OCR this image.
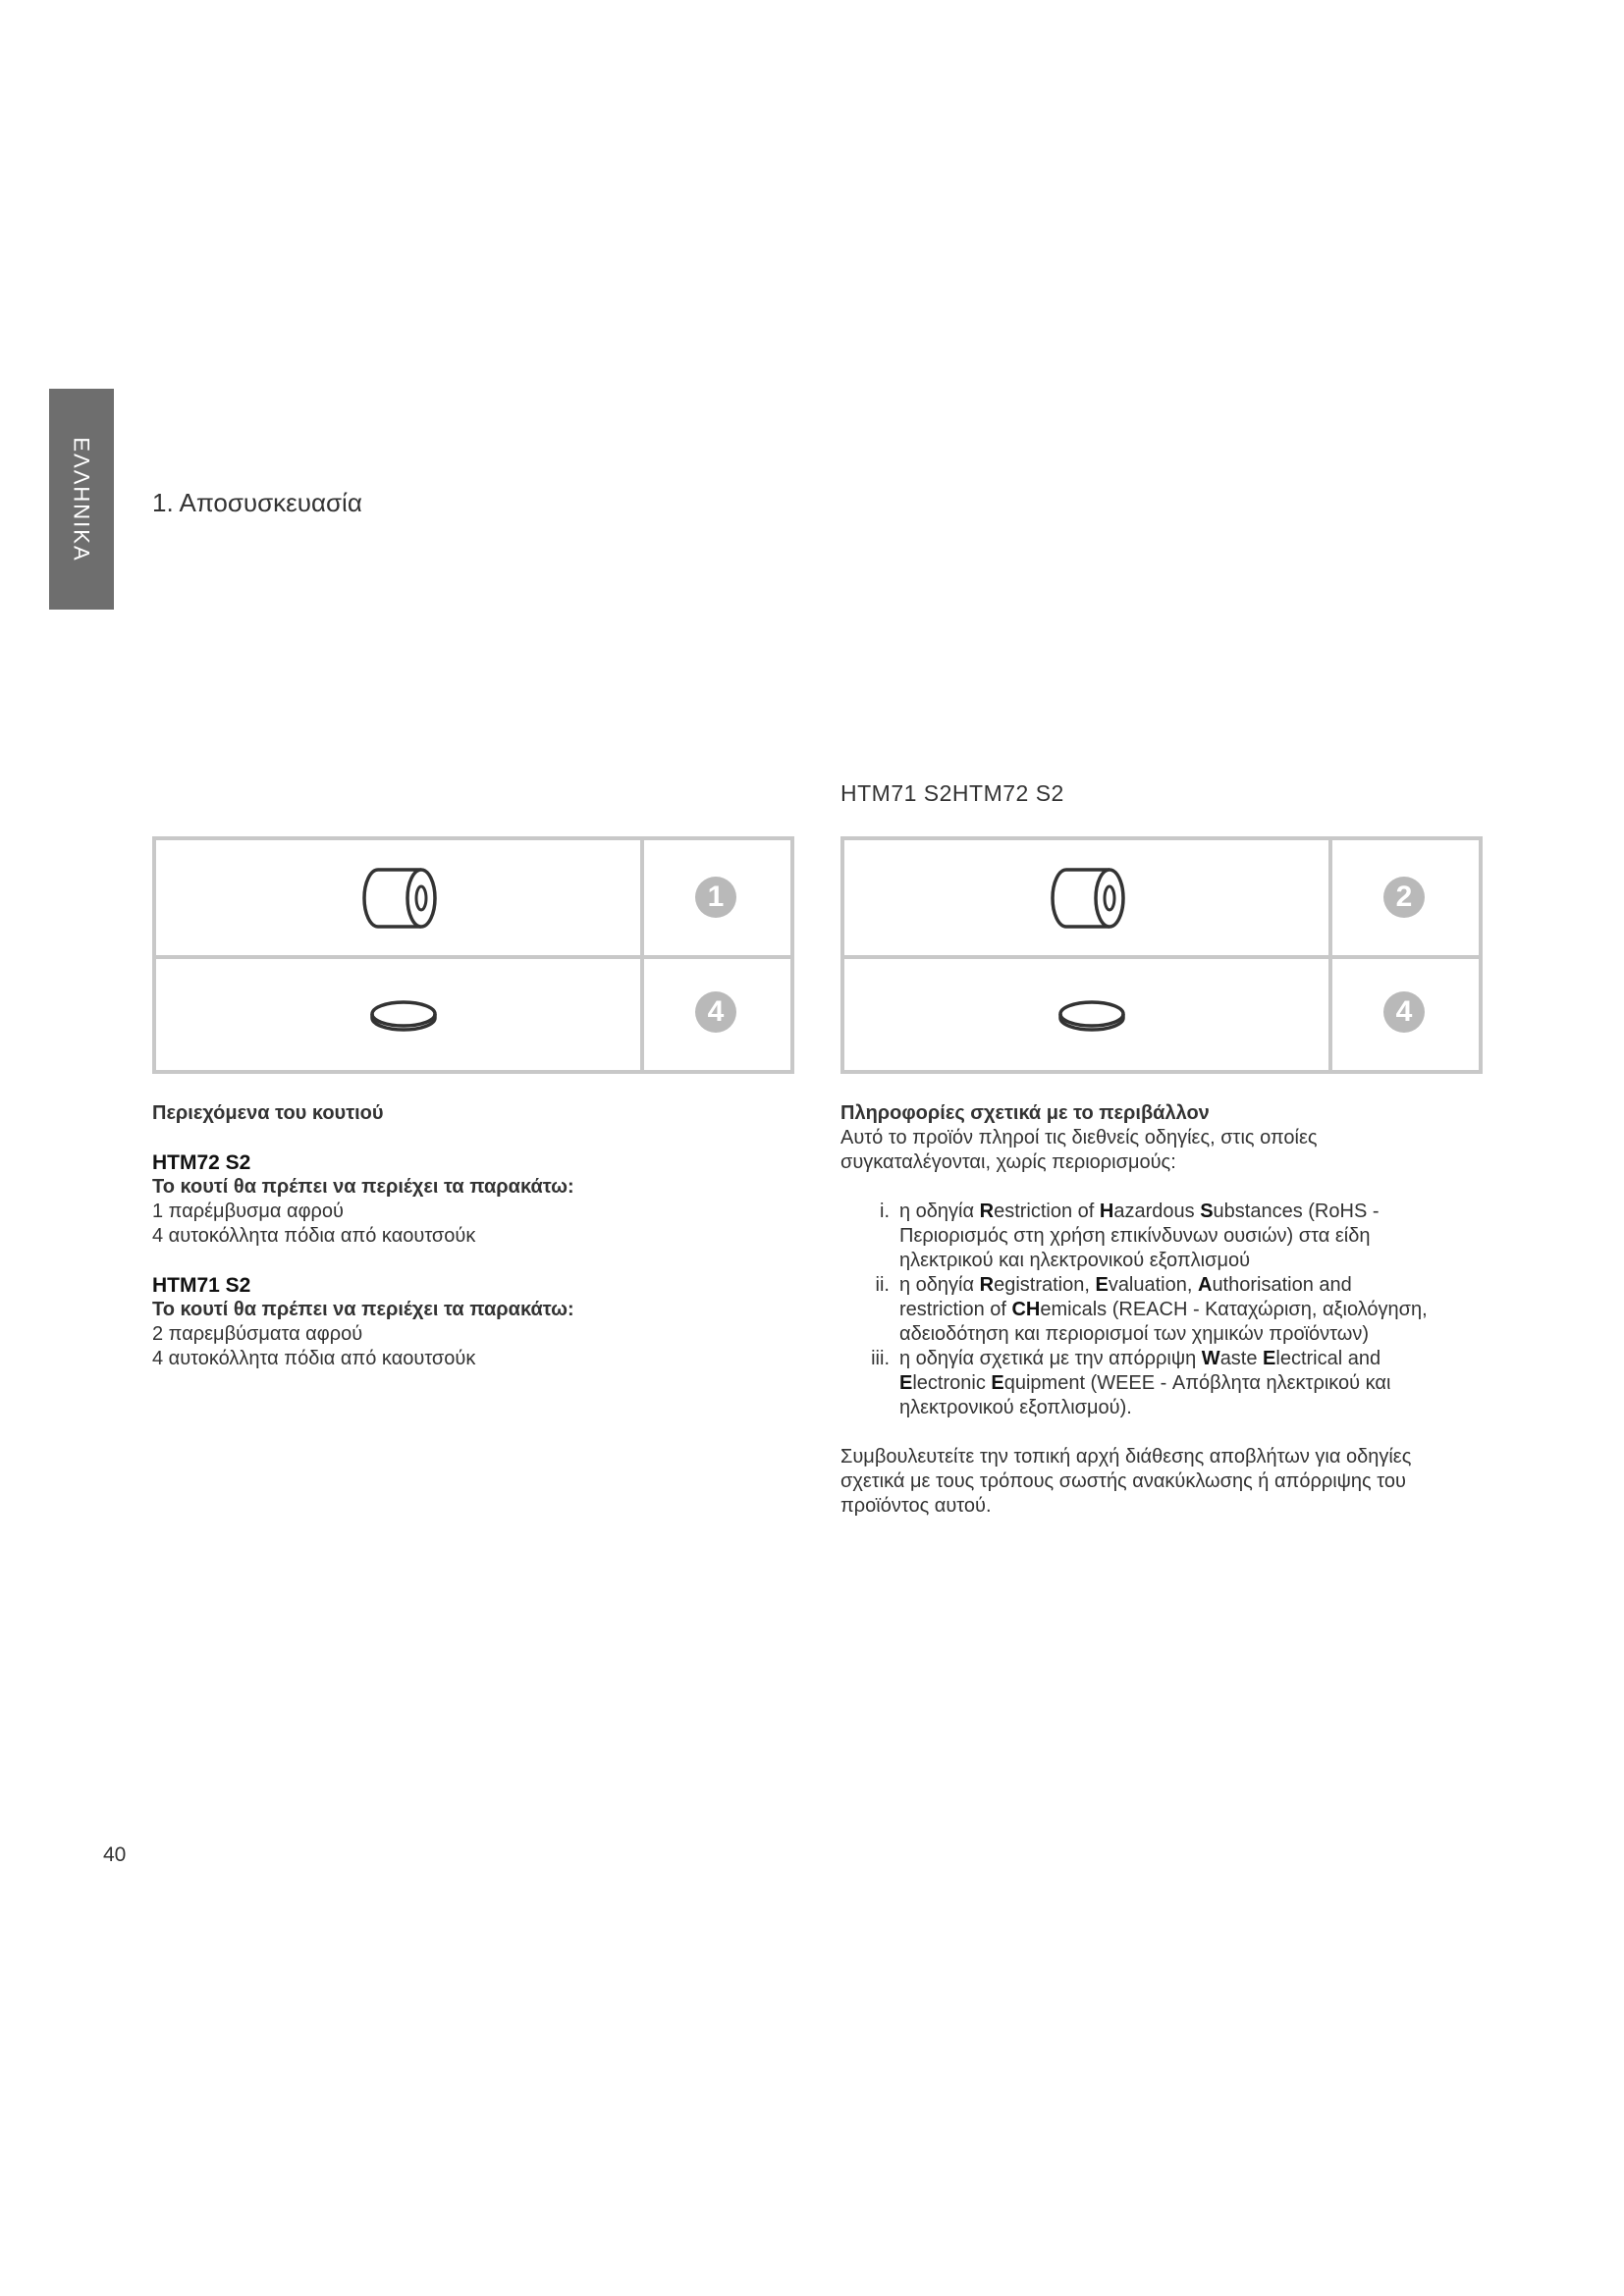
ΕΛΛΗΝΙΚΑ 1. Αποσυσκευασία
HTM71 S2HTM72 S2
1
4
2
4
Περιεχόμενα του κουτιού
HTM72 S2
Το κουτί θα πρέπει να περιέχει τα παρακάτω:
1 παρέμβυσμα αφρού
4 αυτοκόλλητα πόδια από καουτσούκ
HTM71 S2
Το κουτί θα πρέπει να περιέχει τα παρακάτω:
2 παρεμβύσματα αφρού
4 αυτοκόλλητα πόδια από καουτσούκ
Πληροφορίες σχετικά με το περιβάλλον
Αυτό το προϊόν πληροί τις διεθνείς οδηγίες, στις οποίες
συγκαταλέγονται, χωρίς περιορισμούς:
i. η οδηγία Restriction of Hazardous Substances (RoHS -
Περιορισμός στη χρήση επικίνδυνων ουσιών) στα είδη
ηλεκτρικού και ηλεκτρονικού εξοπλισμού
ii. η οδηγία Registration, Evaluation, Authorisation and
restriction of CHemicals (REACH - Καταχώριση, αξιολόγηση,
αδειοδότηση και περιορισμοί των χημικών προϊόντων)
iii. η οδηγία σχετικά με την απόρριψη Waste Electrical and
Electronic Equipment (WEEE - Απόβλητα ηλεκτρικού και
ηλεκτρονικού εξοπλισμού).
Συμβουλευτείτε την τοπική αρχή διάθεσης αποβλήτων για οδηγίες
σχετικά με τους τρόπους σωστής ανακύκλωσης ή απόρριψης του
προϊόντος αυτού.
40
